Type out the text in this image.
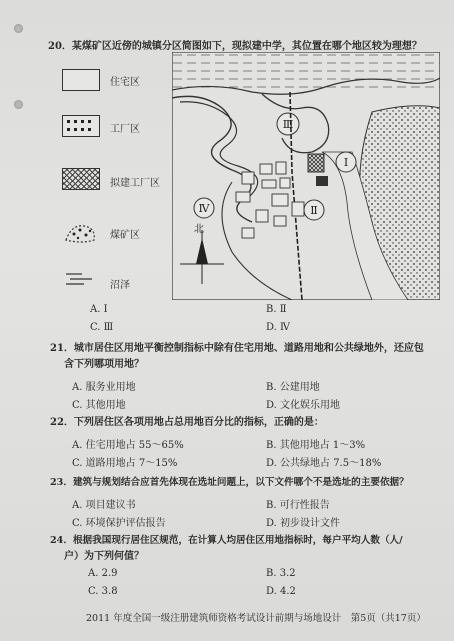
20．某煤矿区近傍的城镇分区简图如下，现拟建中学，其位置在哪个地区较为理想？
住宅区
工厂区
拟建工厂区
煤矿区
沼泽
Ⅲ
Ⅰ
Ⅱ
Ⅳ
北
A. Ⅰ	B. Ⅱ
C. Ⅲ	D. Ⅳ
21．城市居住区用地平衡控制指标中除有住宅用地、道路用地和公共绿地外，还应包
含下列哪项用地？
A. 服务业用地	B. 公建用地
C. 其他用地	D. 文化娱乐用地
22．下列居住区各项用地占总用地百分比的指标，正确的是：
A. 住宅用地占 55～65%	B. 其他用地占 1～3%
C. 道路用地占 7～15%	D. 公共绿地占 7.5～18%
23．建筑与规划结合应首先体现在选址问题上，以下文件哪个不是选址的主要依据？
A. 项目建议书	B. 可行性报告
C. 环境保护评估报告	D. 初步设计文件
24．根据我国现行居住区规范，在计算人均居住区用地指标时，每户平均人数（人/
户）为下列何值？
A. 2.9	B. 3.2
C. 3.8	D. 4.2
2011 年度全国一级注册建筑师资格考试设计前期与场地设计　第5页（共17页）
